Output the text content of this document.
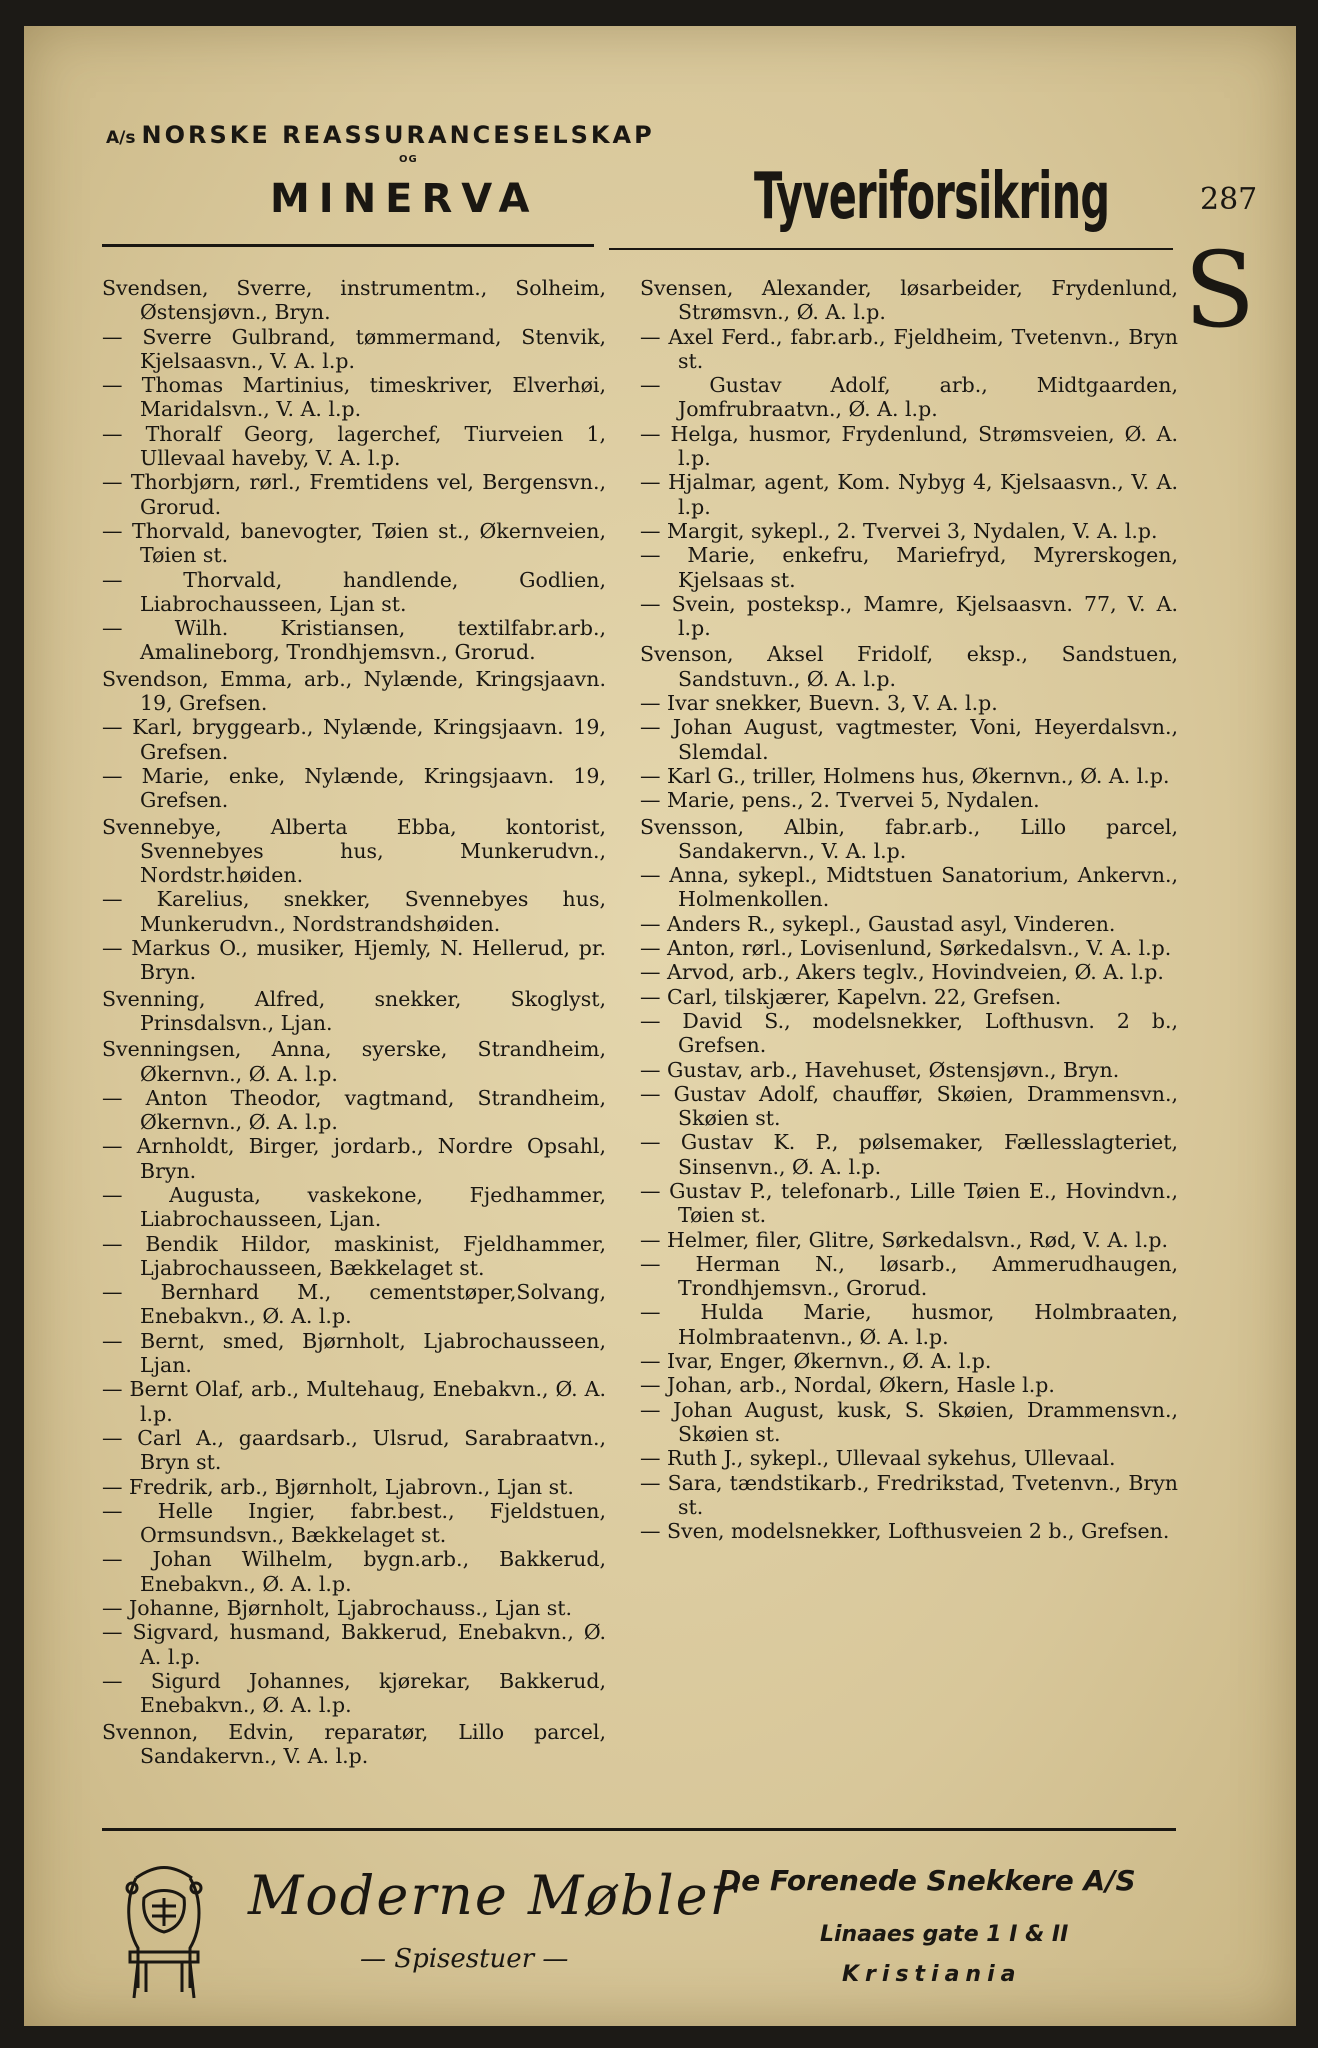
A/s NORSKE REASSURANCESELSKAP
OG
MINERVA	Tyveriforsikring	287
S

Svendsen, Sverre, instrumentm., Solheim, Østensjøvn., Bryn.

— Sverre Gulbrand, tømmermand, Stenvik, Kjelsaasvn., V. A. l.p.

— Thomas Martinius, timeskriver, Elverhøi, Maridalsvn., V. A. l.p.

— Thoralf Georg, lagerchef, Tiurveien 1, Ullevaal haveby, V. A. l.p.

— Thorbjørn, rørl., Fremtidens vel, Bergensvn., Grorud.

— Thorvald, banevogter, Tøien st., Økernveien, Tøien st.

— Thorvald, handlende, Godlien, Liabrochausseen, Ljan st.

— Wilh. Kristiansen, textilfabr.arb., Amalineborg, Trondhjemsvn., Grorud.

Svendson, Emma, arb., Nylænde, Kringsjaavn. 19, Grefsen.

— Karl, bryggearb., Nylænde, Kringsjaavn. 19, Grefsen.

— Marie, enke, Nylænde, Kringsjaavn. 19, Grefsen.

Svennebye, Alberta Ebba, kontorist, Svennebyes hus, Munkerudvn., Nordstr.høiden.

— Karelius, snekker, Svennebyes hus, Munkerudvn., Nordstrandshøiden.

— Markus O., musiker, Hjemly, N. Hellerud, pr. Bryn.

Svenning, Alfred, snekker, Skoglyst, Prinsdalsvn., Ljan.

Svenningsen, Anna, syerske, Strandheim, Økernvn., Ø. A. l.p.

— Anton Theodor, vagtmand, Strandheim, Økernvn., Ø. A. l.p.

— Arnholdt, Birger, jordarb., Nordre Opsahl, Bryn.

— Augusta, vaskekone, Fjedhammer, Liabrochausseen, Ljan.

— Bendik Hildor, maskinist, Fjeldhammer, Ljabrochausseen, Bækkelaget st.

— Bernhard M., cementstøper,Solvang, Enebakvn., Ø. A. l.p.

— Bernt, smed, Bjørnholt, Ljabrochausseen, Ljan.

— Bernt Olaf, arb., Multehaug, Enebakvn., Ø. A. l.p.

— Carl A., gaardsarb., Ulsrud, Sarabraatvn., Bryn st.

— Fredrik, arb., Bjørnholt, Ljabrovn., Ljan st.

— Helle Ingier, fabr.best., Fjeldstuen, Ormsundsvn., Bækkelaget st.

— Johan Wilhelm, bygn.arb., Bakkerud, Enebakvn., Ø. A. l.p.

— Johanne, Bjørnholt, Ljabrochauss., Ljan st.

— Sigvard, husmand, Bakkerud, Enebakvn., Ø. A. l.p.

— Sigurd Johannes, kjørekar, Bakkerud, Enebakvn., Ø. A. l.p.

Svennon, Edvin, reparatør, Lillo parcel, Sandakervn., V. A. l.p.

Svensen, Alexander, løsarbeider, Frydenlund, Strømsvn., Ø. A. l.p.

— Axel Ferd., fabr.arb., Fjeldheim, Tvetenvn., Bryn st.

— Gustav Adolf, arb., Midtgaarden, Jomfrubraatvn., Ø. A. l.p.

— Helga, husmor, Frydenlund, Strømsveien, Ø. A. l.p.

— Hjalmar, agent, Kom. Nybyg 4, Kjelsaasvn., V. A. l.p.

— Margit, sykepl., 2. Tvervei 3, Nydalen, V. A. l.p.

— Marie, enkefru, Mariefryd, Myrerskogen, Kjelsaas st.

— Svein, posteksp., Mamre, Kjelsaasvn. 77, V. A. l.p.

Svenson, Aksel Fridolf, eksp., Sandstuen, Sandstuvn., Ø. A. l.p.

— Ivar snekker, Buevn. 3, V. A. l.p.

— Johan August, vagtmester, Voni, Heyerdalsvn., Slemdal.

— Karl G., triller, Holmens hus, Økernvn., Ø. A. l.p.

— Marie, pens., 2. Tvervei 5, Nydalen.

Svensson, Albin, fabr.arb., Lillo parcel, Sandakervn., V. A. l.p.

— Anna, sykepl., Midtstuen Sanatorium, Ankervn., Holmenkollen.

— Anders R., sykepl., Gaustad asyl, Vinderen.

— Anton, rørl., Lovisenlund, Sørkedalsvn., V. A. l.p.

— Arvod, arb., Akers teglv., Hovindveien, Ø. A. l.p.

— Carl, tilskjærer, Kapelvn. 22, Grefsen.

— David S., modelsnekker, Lofthusvn. 2 b., Grefsen.

— Gustav, arb., Havehuset, Østensjøvn., Bryn.

— Gustav Adolf, chauffør, Skøien, Drammensvn., Skøien st.

— Gustav K. P., pølsemaker, Fællesslagteriet, Sinsenvn., Ø. A. l.p.

— Gustav P., telefonarb., Lille Tøien E., Hovindvn., Tøien st.

— Helmer, filer, Glitre, Sørkedalsvn., Rød, V. A. l.p.

— Herman N., løsarb., Ammerudhaugen, Trondhjemsvn., Grorud.

— Hulda Marie, husmor, Holmbraaten, Holmbraatenvn., Ø. A. l.p.

— Ivar, Enger, Økernvn., Ø. A. l.p.

— Johan, arb., Nordal, Økern, Hasle l.p.

— Johan August, kusk, S. Skøien, Drammensvn., Skøien st.

— Ruth J., sykepl., Ullevaal sykehus, Ullevaal.

— Sara, tændstikarb., Fredrikstad, Tvetenvn., Bryn st.

— Sven, modelsnekker, Lofthusveien 2 b., Grefsen.

Moderne Møbler
— Spisestuer —
De Forenede Snekkere A/S
Linaaes gate 1 I & II
Kristiania
